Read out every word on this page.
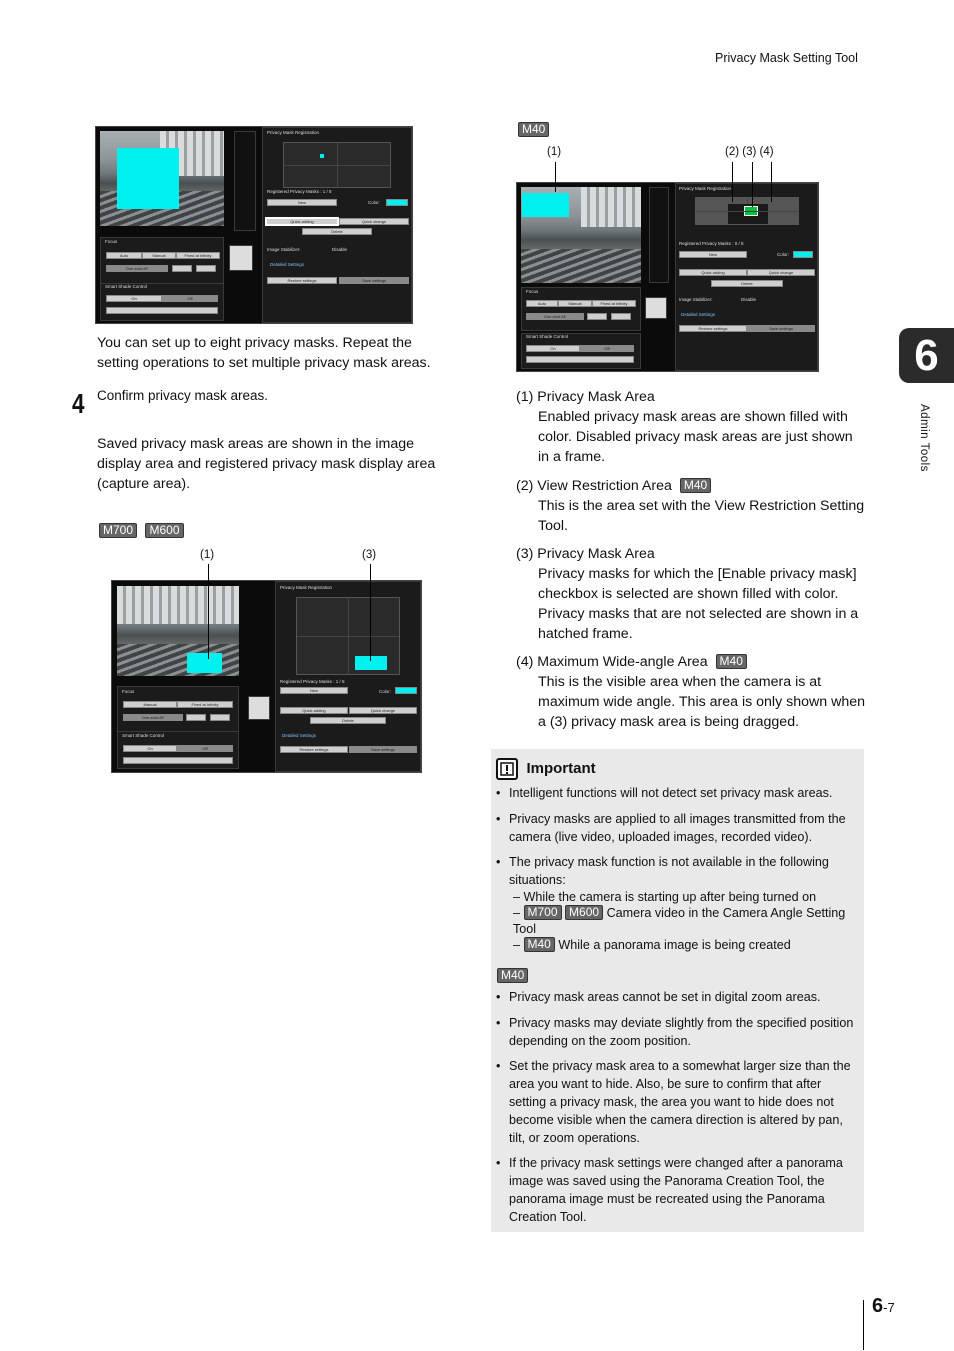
Privacy Mask Setting Tool
6
Admin Tools
Focus
Auto	Manual	Fixed at Infinity
One-shot AF
Smart Shade Control
On	Off
Privacy Mask Registration
Registered Privacy Masks : 1 / 8
New	Color:
Quick adding	Quick change
Delete
Image Stabilizer:	Disable
Detailed Settings
Restore settings	Save settings
You can set up to eight privacy masks. Repeat the setting operations to set multiple privacy mask areas.
4 Confirm privacy mask areas.
Saved privacy mask areas are shown in the image display area and registered privacy mask display area (capture area).
M700 M600
(1)	(3)
Focus
Manual	Fixed at Infinity
One-shot AF
Smart Shade Control
On	Off
Privacy Mask Registration
Registered Privacy Masks : 1 / 8
New	Color:
Quick adding	Quick change
Delete
Detailed Settings
Restore settings	Save settings
M40
(1)	(2) (3) (4)
Focus
Auto	Manual	Fixed at Infinity
One-shot AF
Smart Shade Control
On	Off
Privacy Mask Registration
Registered Privacy Masks : 0 / 8
New	Color:
Quick adding	Quick change
Delete
Image Stabilizer:	Disable
Detailed Settings
Restore settings	Save settings
(1) Privacy Mask Area
Enabled privacy mask areas are shown filled with color. Disabled privacy mask areas are just shown in a frame.
(2) View Restriction Area M40
This is the area set with the View Restriction Setting Tool.
(3) Privacy Mask Area
Privacy masks for which the [Enable privacy mask] checkbox is selected are shown filled with color. Privacy masks that are not selected are shown in a hatched frame.
(4) Maximum Wide-angle Area M40
This is the visible area when the camera is at maximum wide angle. This area is only shown when a (3) privacy mask area is being dragged.
Important
• Intelligent functions will not detect set privacy mask areas.
• Privacy masks are applied to all images transmitted from the camera (live video, uploaded images, recorded video).
• The privacy mask function is not available in the following situations:
– While the camera is starting up after being turned on
– M700 M600 Camera video in the Camera Angle Setting Tool
– M40 While a panorama image is being created
M40
• Privacy mask areas cannot be set in digital zoom areas.
• Privacy masks may deviate slightly from the specified position depending on the zoom position.
• Set the privacy mask area to a somewhat larger size than the area you want to hide. Also, be sure to confirm that after setting a privacy mask, the area you want to hide does not become visible when the camera direction is altered by pan, tilt, or zoom operations.
• If the privacy mask settings were changed after a panorama image was saved using the Panorama Creation Tool, the panorama image must be recreated using the Panorama Creation Tool.
6-7
